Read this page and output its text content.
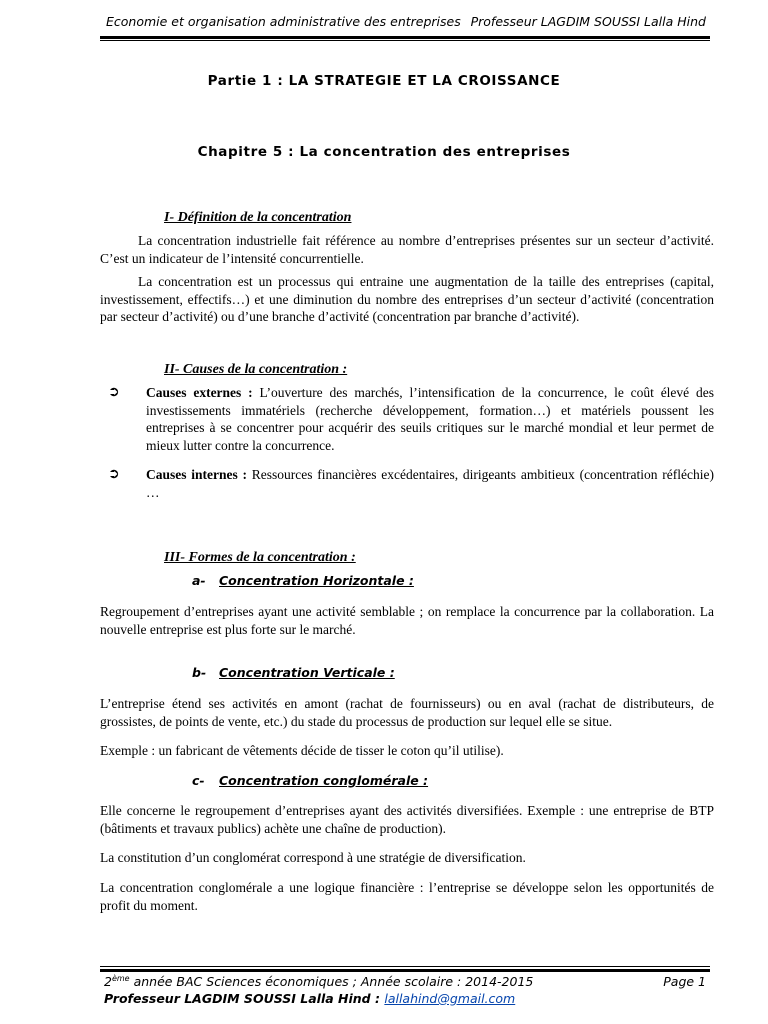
Economie et organisation administrative des entreprises Professeur LAGDIM SOUSSI Lalla Hind
Partie 1 : LA STRATEGIE ET LA CROISSANCE
Chapitre 5 : La concentration des entreprises
I- Définition de la concentration

La concentration industrielle fait référence au nombre d’entreprises présentes sur un secteur d’activité. C’est un indicateur de l’intensité concurrentielle.

La concentration est un processus qui entraine une augmentation de la taille des entreprises (capital, investissement, effectifs…) et une diminution du nombre des entreprises d’un secteur d’activité (concentration par secteur d’activité) ou d’une branche d’activité (concentration par branche d’activité).

II- Causes de la concentration :
➲ Causes externes : L’ouverture des marchés, l’intensification de la concurrence, le coût élevé des investissements immatériels (recherche développement, formation…) et matériels poussent les entreprises à se concentrer pour acquérir des seuils critiques sur le marché mondial et leur permet de mieux lutter contre la concurrence.

➲ Causes internes : Ressources financières excédentaires, dirigeants ambitieux (concentration réfléchie) …

III- Formes de la concentration :
a- Concentration Horizontale :

Regroupement d’entreprises ayant une activité semblable ; on remplace la concurrence par la collaboration. La nouvelle entreprise est plus forte sur le marché.

b- Concentration Verticale :

L’entreprise étend ses activités en amont (rachat de fournisseurs) ou en aval (rachat de distributeurs, de grossistes, de points de vente, etc.) du stade du processus de production sur lequel elle se situe.

Exemple : un fabricant de vêtements décide de tisser le coton qu’il utilise).

c- Concentration conglomérale :

Elle concerne le regroupement d’entreprises ayant des activités diversifiées. Exemple : une entreprise de BTP (bâtiments et travaux publics) achète une chaîne de production).

La constitution d’un conglomérat correspond à une stratégie de diversification.

La concentration conglomérale a une logique financière : l’entreprise se développe selon les opportunités de profit du moment.

2ème année BAC Sciences économiques ; Année scolaire : 2014-2015	Page 1
Professeur LAGDIM SOUSSI Lalla Hind : lallahind@gmail.com
